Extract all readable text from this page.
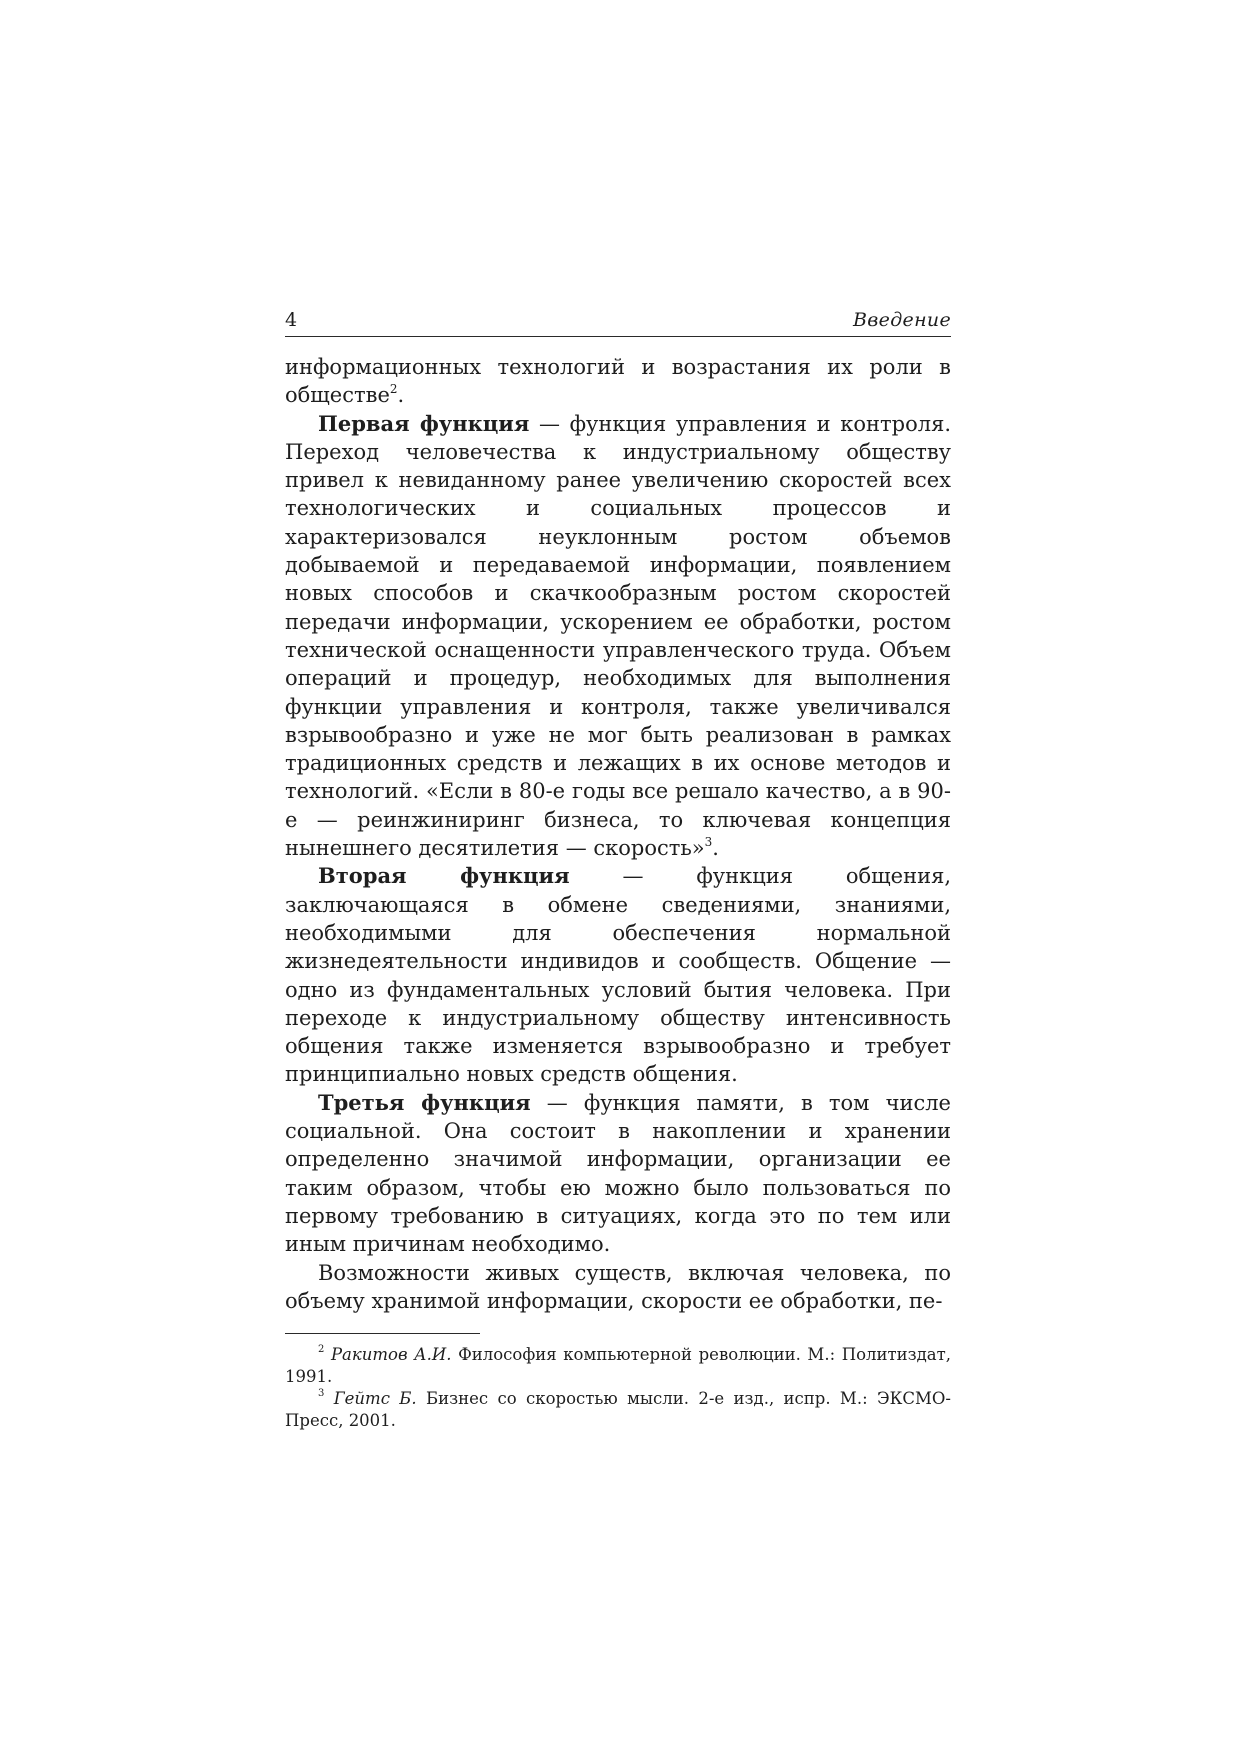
4	Введение

информационных технологий и возрастания их роли в обществе$^2$.

Первая функция — функция управления и контроля. Переход человечества к индустриальному обществу привел к невиданному ранее увеличению скоростей всех технологических и социальных процессов и характеризовался неуклонным ростом объемов добываемой и передаваемой информации, появлением новых способов и скачкообразным ростом скоростей передачи информации, ускорением ее обработки, ростом технической оснащенности управленческого труда. Объем операций и процедур, необходимых для выполнения функции управления и контроля, также увеличивался взрывообразно и уже не мог быть реализован в рамках традиционных средств и лежащих в их основе методов и технологий. «Если в 80-е годы все решало качество, а в 90-е — реинжиниринг бизнеса, то ключевая концепция нынешнего десятилетия — скорость»$^3$.

Вторая функция — функция общения, заключающаяся в обмене сведениями, знаниями, необходимыми для обеспечения нормальной жизнедеятельности индивидов и сообществ. Общение — одно из фундаментальных условий бытия человека. При переходе к индустриальному обществу интенсивность общения также изменяется взрывообразно и требует принципиально новых средств общения.

Третья функция — функция памяти, в том числе социальной. Она состоит в накоплении и хранении определенно значимой информации, организации ее таким образом, чтобы ею можно было пользоваться по первому требованию в ситуациях, когда это по тем или иным причинам необходимо.

Возможности живых существ, включая человека, по объему хранимой информации, скорости ее обработки, пе-

$^2$ Ракитов А.И. Философия компьютерной революции. М.: Политиздат, 1991.

$^3$ Гейтс Б. Бизнес со скоростью мысли. 2-е изд., испр. М.: ЭКСМО-Пресс, 2001.
